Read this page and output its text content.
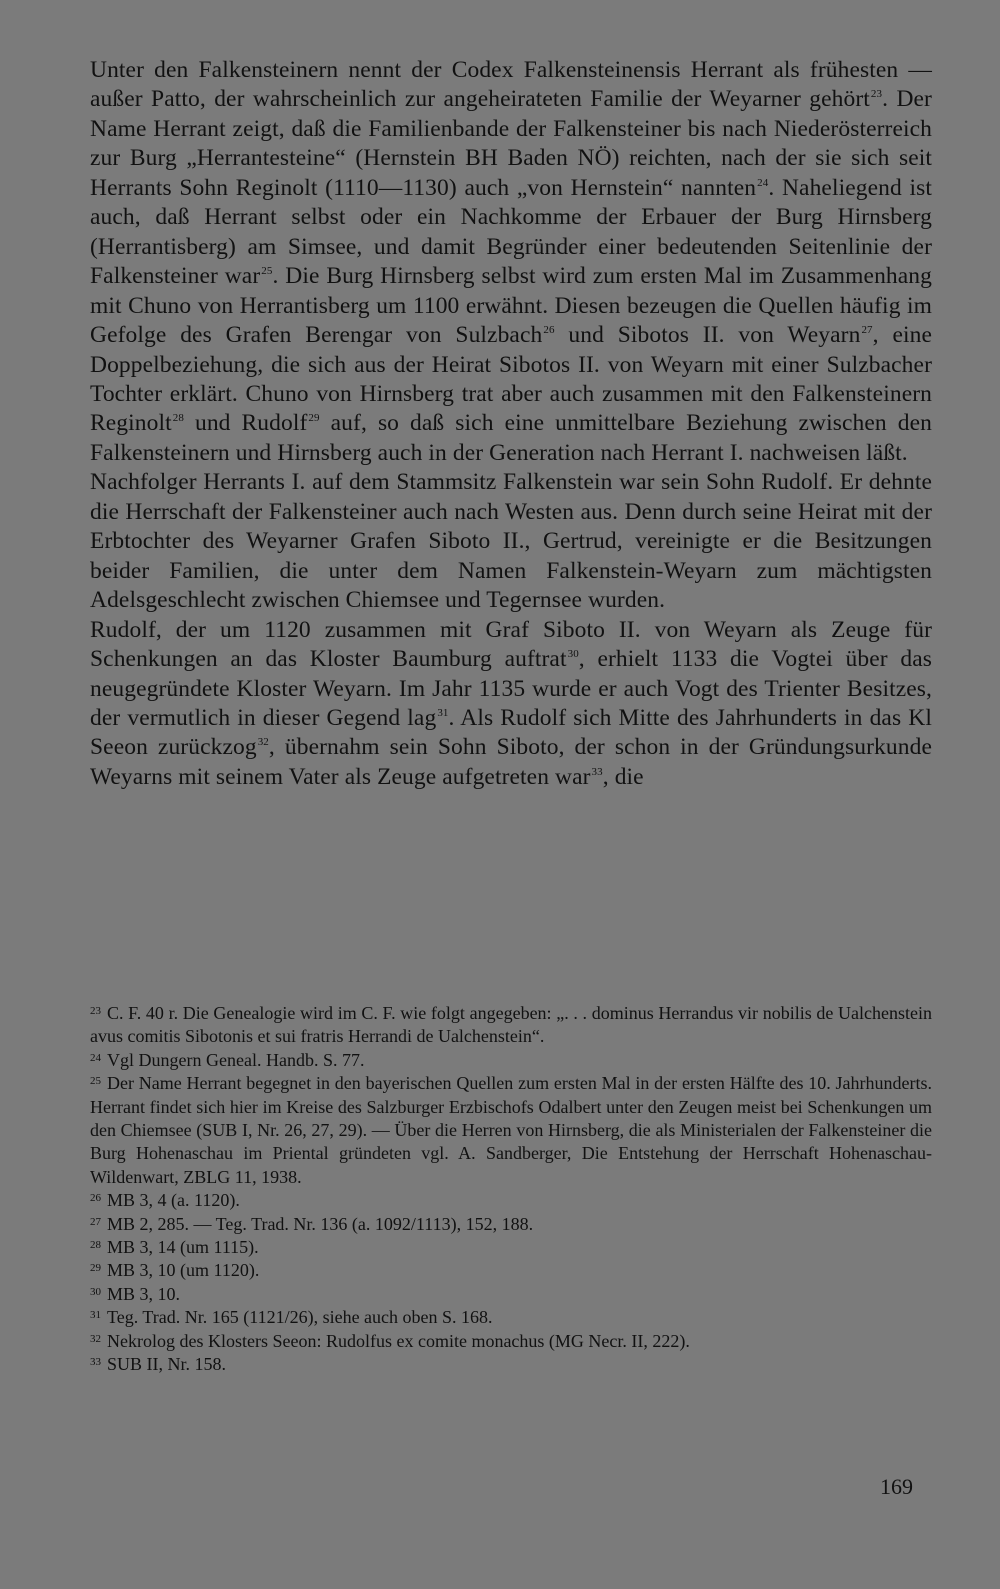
Unter den Falkensteinern nennt der Codex Falkensteinensis Herrant als frühesten — außer Patto, der wahrscheinlich zur angeheirateten Familie der Weyarner gehört$^{23}$. Der Name Herrant zeigt, daß die Familienbande der Falkensteiner bis nach Niederösterreich zur Burg „Herrantesteine“ (Hernstein BH Baden NÖ) reichten, nach der sie sich seit Herrants Sohn Reginolt (1110—1130) auch „von Hernstein“ nannten$^{24}$. Naheliegend ist auch, daß Herrant selbst oder ein Nachkomme der Erbauer der Burg Hirnsberg (Herrantisberg) am Simsee, und damit Begründer einer bedeutenden Seitenlinie der Falkensteiner war$^{25}$. Die Burg Hirnsberg selbst wird zum ersten Mal im Zusammenhang mit Chuno von Herrantisberg um 1100 erwähnt. Diesen bezeugen die Quellen häufig im Gefolge des Grafen Berengar von Sulzbach$^{26}$ und Sibotos II. von Weyarn$^{27}$, eine Doppelbeziehung, die sich aus der Heirat Sibotos II. von Weyarn mit einer Sulzbacher Tochter erklärt. Chuno von Hirnsberg trat aber auch zusammen mit den Falkensteinern Reginolt$^{28}$ und Rudolf$^{29}$ auf, so daß sich eine unmittelbare Beziehung zwischen den Falkensteinern und Hirnsberg auch in der Generation nach Herrant I. nachweisen läßt.

Nachfolger Herrants I. auf dem Stammsitz Falkenstein war sein Sohn Rudolf. Er dehnte die Herrschaft der Falkensteiner auch nach Westen aus. Denn durch seine Heirat mit der Erbtochter des Weyarner Grafen Siboto II., Gertrud, vereinigte er die Besitzungen beider Familien, die unter dem Namen Falkenstein-Weyarn zum mächtigsten Adelsgeschlecht zwischen Chiemsee und Tegernsee wurden.

Rudolf, der um 1120 zusammen mit Graf Siboto II. von Weyarn als Zeuge für Schenkungen an das Kloster Baumburg auftrat$^{30}$, erhielt 1133 die Vogtei über das neugegründete Kloster Weyarn. Im Jahr 1135 wurde er auch Vogt des Trienter Besitzes, der vermutlich in dieser Gegend lag$^{31}$. Als Rudolf sich Mitte des Jahrhunderts in das Kl Seeon zurückzog$^{32}$, übernahm sein Sohn Siboto, der schon in der Gründungsurkunde Weyarns mit seinem Vater als Zeuge aufgetreten war$^{33}$, die

23 C. F. 40 r. Die Genealogie wird im C. F. wie folgt angegeben: „. . . dominus Herrandus vir nobilis de Ualchenstein avus comitis Sibotonis et sui fratris Herrandi de Ualchenstein“.

24 Vgl Dungern Geneal. Handb. S. 77.

25 Der Name Herrant begegnet in den bayerischen Quellen zum ersten Mal in der ersten Hälfte des 10. Jahrhunderts. Herrant findet sich hier im Kreise des Salzburger Erzbischofs Odalbert unter den Zeugen meist bei Schenkungen um den Chiemsee (SUB I, Nr. 26, 27, 29). — Über die Herren von Hirnsberg, die als Ministerialen der Falkensteiner die Burg Hohenaschau im Prienta​l gründeten vgl. A. Sandberger, Die Entstehung der Herrschaft Hohenaschau-Wildenwart, ZBLG 11, 1938.

26 MB 3, 4 (a. 1120).

27 MB 2, 285. — Teg. Trad. Nr. 136 (a. 1092/1113), 152, 188.

28 MB 3, 14 (um 1115).

29 MB 3, 10 (um 1120).

30 MB 3, 10.

31 Teg. Trad. Nr. 165 (1121/26), siehe auch oben S. 168.

32 Nekrolog des Klosters Seeon: Rudolfus ex comite monachus (MG Necr. II, 222).

33 SUB II, Nr. 158.

169
